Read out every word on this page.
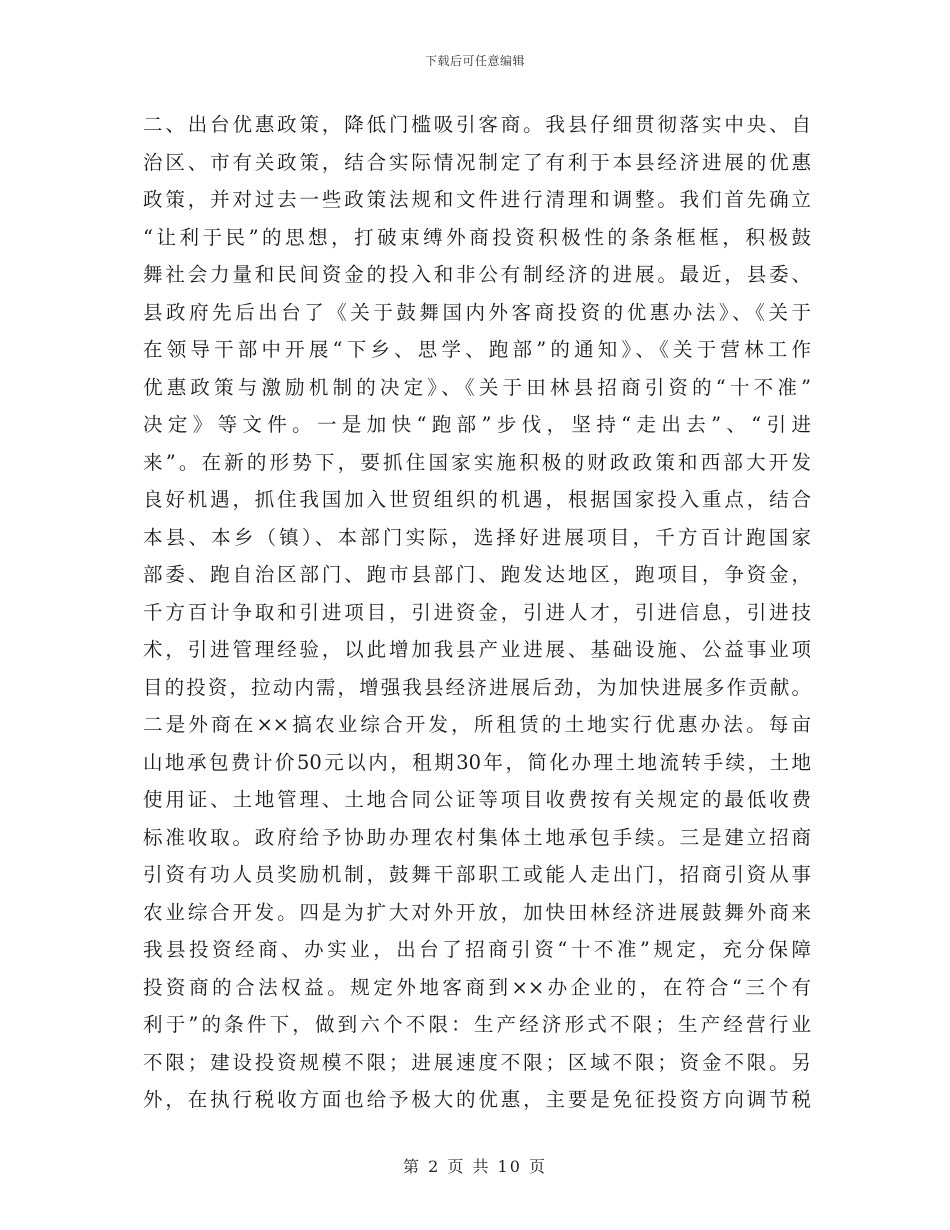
下载后可任意编辑
二、出台优惠政策，降低门槛吸引客商。我县仔细贯彻落实中央、自
治区、市有关政策，结合实际情况制定了有利于本县经济进展的优惠
政策，并对过去一些政策法规和文件进行清理和调整。我们首先确立
“让利于民”的思想，打破束缚外商投资积极性的条条框框，积极鼓
舞社会力量和民间资金的投入和非公有制经济的进展。最近，县委、
县政府先后出台了《关于鼓舞国内外客商投资的优惠办法》、《关于
在领导干部中开展“下乡、思学、跑部”的通知》、《关于营林工作
优惠政策与激励机制的决定》、《关于田林县招商引资的“十不准”
决定》等文件。一是加快“跑部”步伐，坚持“走出去”、“引进
来”。在新的形势下，要抓住国家实施积极的财政政策和西部大开发
良好机遇，抓住我国加入世贸组织的机遇，根据国家投入重点，结合
本县、本乡（镇）、本部门实际，选择好进展项目，千方百计跑国家
部委、跑自治区部门、跑市县部门、跑发达地区，跑项目，争资金，
千方百计争取和引进项目，引进资金，引进人才，引进信息，引进技
术，引进管理经验，以此增加我县产业进展、基础设施、公益事业项
目的投资，拉动内需，增强我县经济进展后劲，为加快进展多作贡献。
二是外商在××搞农业综合开发，所租赁的土地实行优惠办法。每亩
山地承包费计价50元以内，租期30年，简化办理土地流转手续，土地
使用证、土地管理、土地合同公证等项目收费按有关规定的最低收费
标准收取。政府给予协助办理农村集体土地承包手续。三是建立招商
引资有功人员奖励机制，鼓舞干部职工或能人走出门，招商引资从事
农业综合开发。四是为扩大对外开放，加快田林经济进展鼓舞外商来
我县投资经商、办实业，出台了招商引资“十不准”规定，充分保障
投资商的合法权益。规定外地客商到××办企业的，在符合“三个有
利于”的条件下，做到六个不限：生产经济形式不限；生产经营行业
不限；建设投资规模不限；进展速度不限；区域不限；资金不限。另
外，在执行税收方面也给予极大的优惠，主要是免征投资方向调节税
第 2 页 共 10 页
